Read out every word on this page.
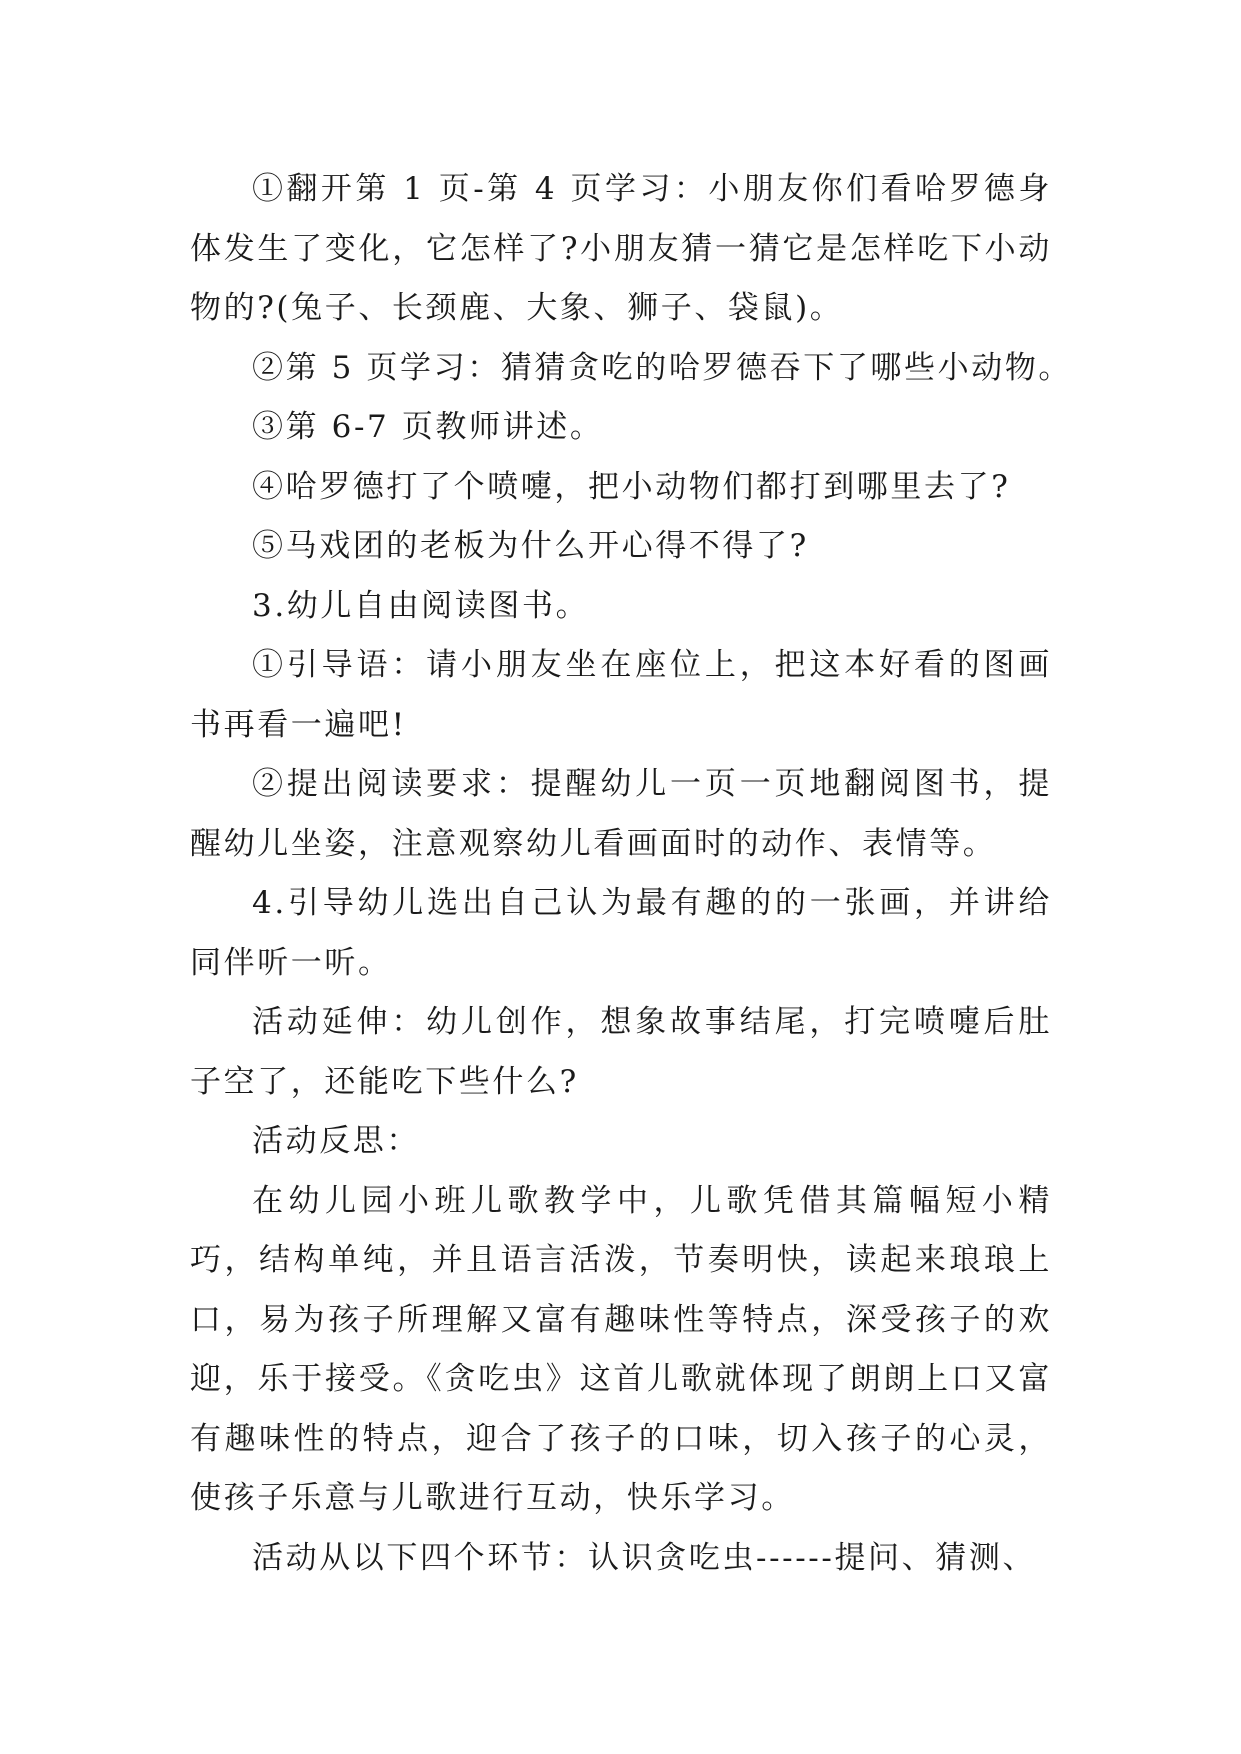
①翻开第 1 页-第 4 页学习：小朋友你们看哈罗德身体发生了变化，它怎样了?小朋友猜一猜它是怎样吃下小动物的?(兔子、长颈鹿、大象、狮子、袋鼠)。

②第 5 页学习：猜猜贪吃的哈罗德吞下了哪些小动物。

③第 6-7 页教师讲述。

④哈罗德打了个喷嚏，把小动物们都打到哪里去了?

⑤马戏团的老板为什么开心得不得了?

3.幼儿自由阅读图书。

①引导语：请小朋友坐在座位上，把这本好看的图画书再看一遍吧!

②提出阅读要求：提醒幼儿一页一页地翻阅图书，提醒幼儿坐姿，注意观察幼儿看画面时的动作、表情等。

4.引导幼儿选出自己认为最有趣的的一张画，并讲给同伴听一听。

活动延伸：幼儿创作，想象故事结尾，打完喷嚏后肚子空了，还能吃下些什么?

活动反思：

在幼儿园小班儿歌教学中，儿歌凭借其篇幅短小精巧，结构单纯，并且语言活泼，节奏明快，读起来琅琅上口，易为孩子所理解又富有趣味性等特点，深受孩子的欢迎，乐于接受。《贪吃虫》这首儿歌就体现了朗朗上口又富有趣味性的特点，迎合了孩子的口味，切入孩子的心灵，使孩子乐意与儿歌进行互动，快乐学习。

活动从以下四个环节：认识贪吃虫------提问、猜测、
